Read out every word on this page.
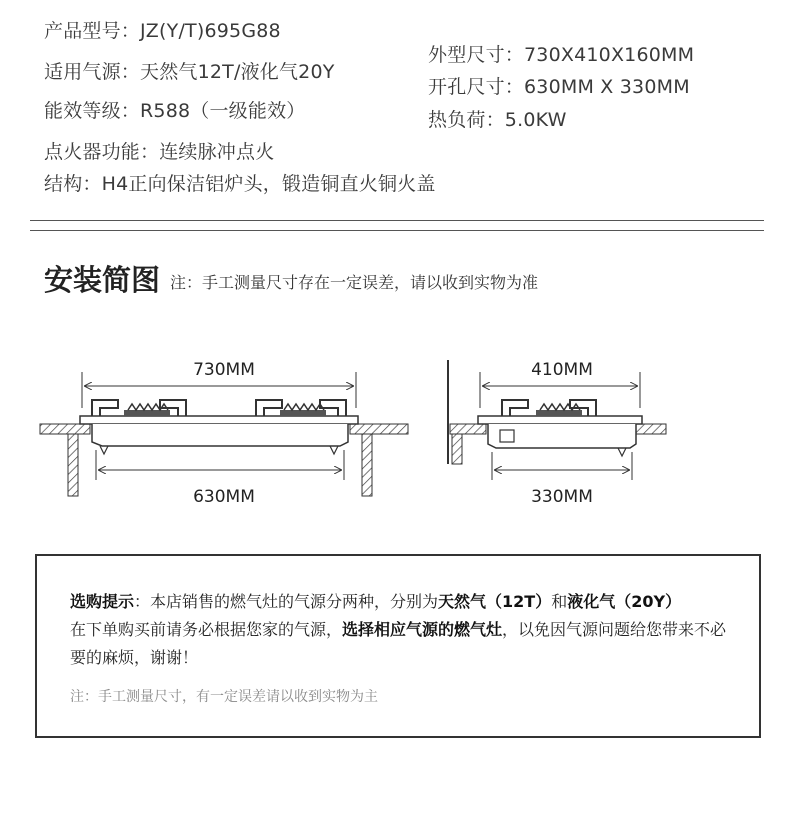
产品型号：JZ(Y/T)695G88
适用气源：天然气12T/液化气20Y
能效等级：R588（一级能效）
点火器功能：连续脉冲点火
结构：H4正向保洁铝炉头，锻造铜直火铜火盖
外型尺寸：730X410X160MM
开孔尺寸：630MM X 330MM
热负荷：5.0KW
安装简图 注：手工测量尺寸存在一定误差，请以收到实物为准
730MM
630MM
410MM
330MM
选购提示：本店销售的燃气灶的气源分两种，分别为天然气（12T）和液化气（20Y）
在下单购买前请务必根据您家的气源，选择相应气源的燃气灶，以免因气源问题给您带来不必要的麻烦，谢谢！
注：手工测量尺寸，有一定误差请以收到实物为主
